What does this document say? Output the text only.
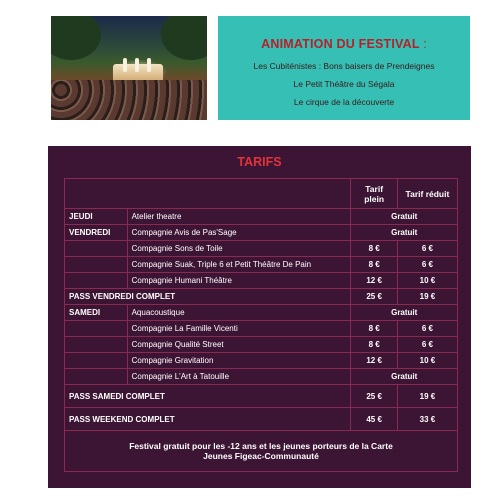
ANIMATION DU FESTIVAL :
Les Cubiténistes : Bons baisers de Prendeignes
Le Petit Théâtre du Ségala
Le cirque de la découverte
TARIFS
		Tarif plein	Tarif réduit
JEUDI	Atelier theatre	Gratuit	
VENDREDI	Compagnie Avis de Pas'Sage	Gratuit	
	Compagnie Sons de Toile	8 €	6 €
	Compagnie Suak, Triple 6 et Petit Théâtre De Pain	8 €	6 €
	Compagnie Humani Théâtre	12 €	10 €
PASS VENDREDI COMPLET		25 €	19 €
SAMEDI	Aquacoustique	Gratuit	
	Compagnie La Famille Vicenti	8 €	6 €
	Compagnie Qualité Street	8 €	6 €
	Compagnie Gravitation	12 €	10 €
	Compagnie L'Art à Tatouille	Gratuit	
PASS SAMEDI COMPLET		25 €	19 €
PASS WEEKEND COMPLET		45 €	33 €

Festival gratuit pour les -12 ans et les jeunes porteurs de la Carte
Jeunes Figeac-Communauté			
